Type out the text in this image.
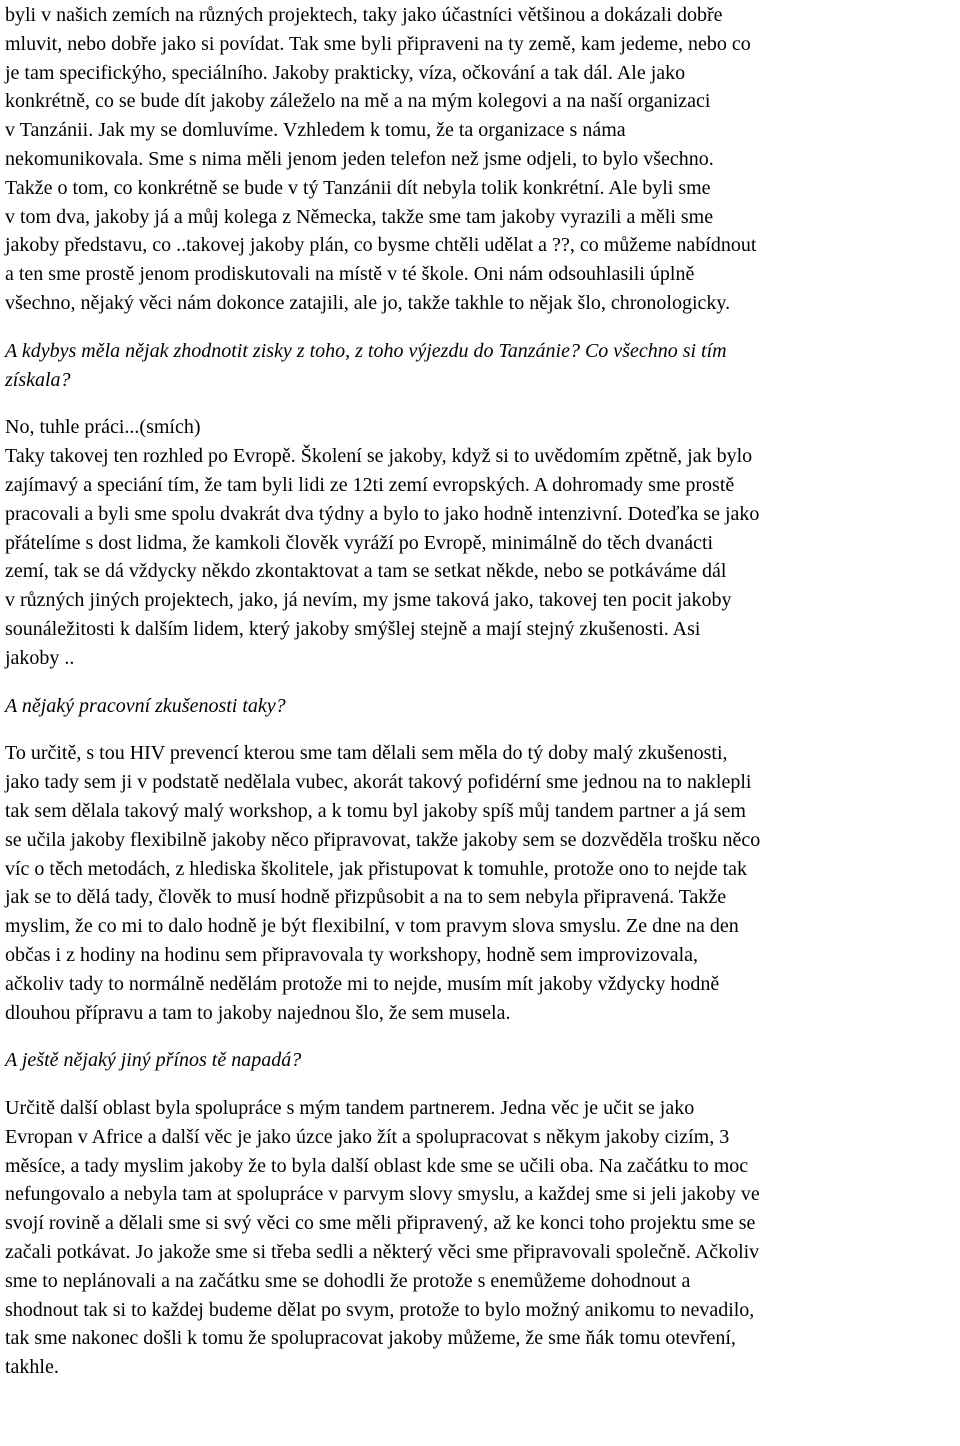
byli v našich zemích na různých projektech, taky jako účastníci většinou a dokázali dobře
mluvit, nebo dobře jako si povídat. Tak sme byli připraveni na ty země, kam jedeme, nebo co
je tam specifickýho, speciálního. Jakoby prakticky, víza, očkování a tak dál. Ale jako
konkrétně, co se bude dít jakoby záleželo na mě a na mým kolegovi a na naší organizaci
v Tanzánii. Jak my se domluvíme. Vzhledem k tomu, že ta organizace s náma
nekomunikovala. Sme s nima měli jenom jeden telefon než jsme odjeli, to bylo všechno.
Takže o tom, co konkrétně se bude v tý Tanzánii dít nebyla tolik konkrétní. Ale byli sme
v tom dva, jakoby já a můj kolega z Německa, takže sme tam jakoby vyrazili a měli sme
jakoby představu, co ..takovej jakoby plán, co bysme chtěli udělat a ??, co můžeme nabídnout
a ten sme prostě jenom prodiskutovali na místě v té škole. Oni nám odsouhlasili úplně
všechno, nějaký věci nám dokonce zatajili, ale jo, takže takhle to nějak šlo, chronologicky.

A kdybys měla nějak zhodnotit zisky z toho, z toho výjezdu do Tanzánie? Co všechno si tím
získala?

No, tuhle práci...(smích)

Taky takovej ten rozhled po Evropě. Školení se jakoby, když si to uvědomím zpětně, jak bylo
zajímavý a speciání tím, že tam byli lidi ze 12ti zemí evropských. A dohromady sme prostě
pracovali a byli sme spolu dvakrát dva týdny a bylo to jako hodně intenzivní. Doteďka se jako
přátelíme s dost lidma, že kamkoli člověk vyráží po Evropě, minimálně do těch dvanácti
zemí, tak se dá vždycky někdo zkontaktovat a tam se setkat někde, nebo se potkáváme dál
v různých jiných projektech, jako, já nevím, my jsme taková jako, takovej ten pocit jakoby
sounáležitosti k dalším lidem, který jakoby smýšlej stejně a mají stejný zkušenosti. Asi
jakoby ..

A nějaký pracovní zkušenosti taky?

To určitě, s tou HIV prevencí kterou sme tam dělali sem měla do tý doby malý zkušenosti,
jako tady sem ji v podstatě nedělala vubec, akorát takový pofidérní sme jednou na to naklepli
tak sem dělala takový malý workshop, a k tomu byl jakoby spíš můj tandem partner a já sem
se učila jakoby flexibilně jakoby něco připravovat, takže jakoby sem se dozvěděla trošku něco
víc o těch metodách, z hlediska školitele, jak přistupovat k tomuhle, protože ono to nejde tak
jak se to dělá tady, člověk to musí hodně přizpůsobit a na to sem nebyla připravená. Takže
myslim, že co mi to dalo hodně je být flexibilní, v tom pravym slova smyslu. Ze dne na den
občas i z hodiny na hodinu sem připravovala ty workshopy, hodně sem improvizovala,
ačkoliv tady to normálně nedělám protože mi to nejde, musím mít jakoby vždycky hodně
dlouhou přípravu a tam to jakoby najednou šlo, že sem musela.

A ještě nějaký jiný přínos tě napadá?

Určitě další oblast byla spolupráce s mým tandem partnerem. Jedna věc je učit se jako
Evropan v Africe a další věc je jako úzce jako žít a spolupracovat s někym jakoby cizím, 3
měsíce, a tady myslim jakoby že to byla další oblast kde sme se učili oba. Na začátku to moc
nefungovalo a nebyla tam at spolupráce v parvym slovy smyslu, a každej sme si jeli jakoby ve
svojí rovině a dělali sme si svý věci co sme měli připravený, až ke konci toho projektu sme se
začali potkávat. Jo jakože sme si třeba sedli a některý věci sme připravovali společně. Ačkoliv
sme to neplánovali a na začátku sme se dohodli že protože s enemůžeme dohodnout a
shodnout tak si to každej budeme dělat po svym, protože to bylo možný anikomu to nevadilo,
tak sme nakonec došli k tomu že spolupracovat jakoby můžeme, že sme ňák tomu otevření,
takhle.
